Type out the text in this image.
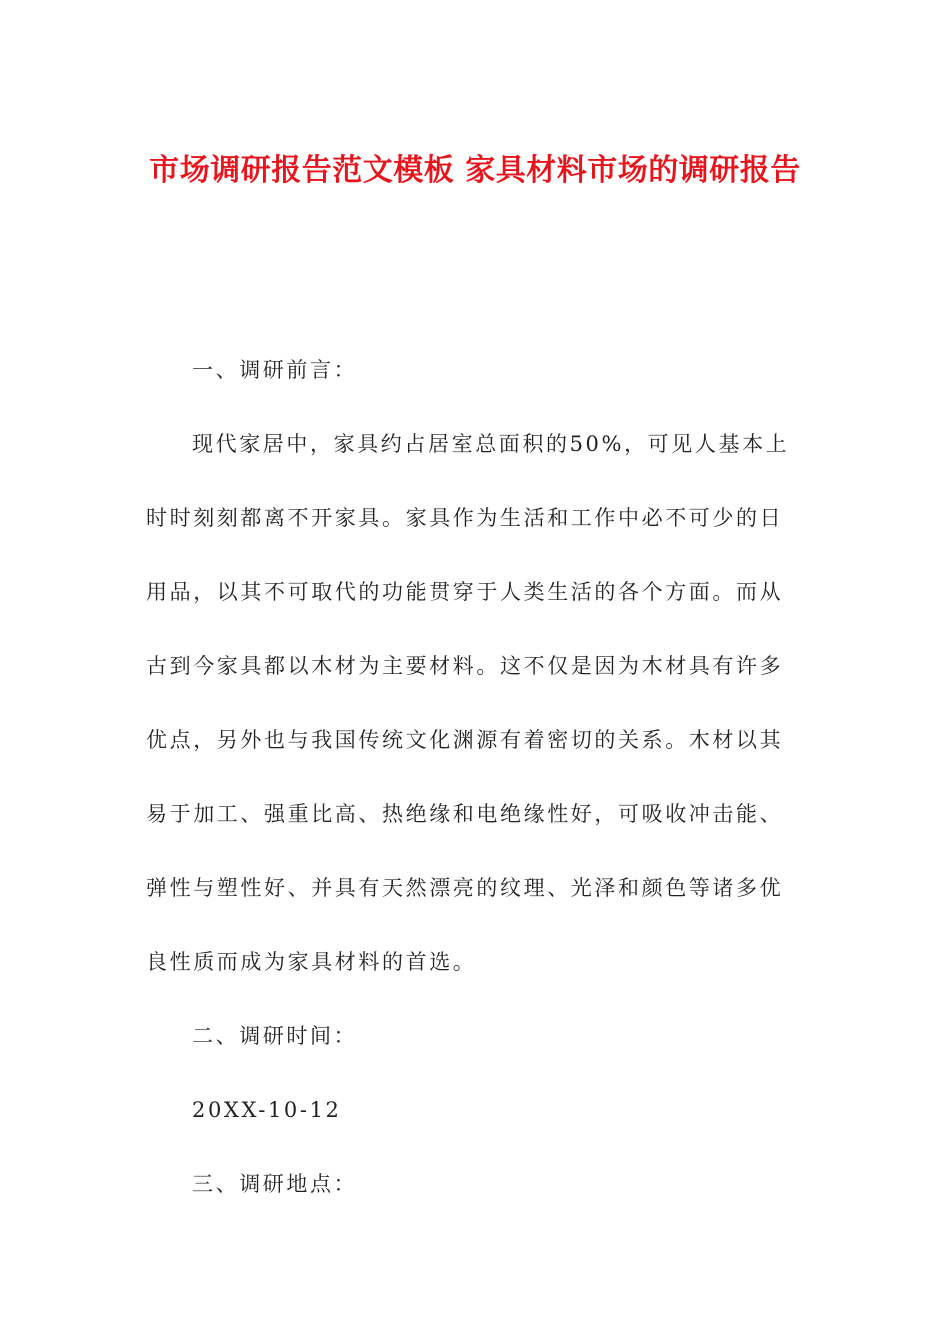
市场调研报告范文模板 家具材料市场的调研报告

一、调研前言：

现代家居中，家具约占居室总面积的50%，可见人基本上时时刻刻都离不开家具。家具作为生活和工作中必不可少的日用品，以其不可取代的功能贯穿于人类生活的各个方面。而从古到今家具都以木材为主要材料。这不仅是因为木材具有许多优点，另外也与我国传统文化渊源有着密切的关系。木材以其易于加工、强重比高、热绝缘和电绝缘性好，可吸收冲击能、弹性与塑性好、并具有天然漂亮的纹理、光泽和颜色等诸多优良性质而成为家具材料的首选。

二、调研时间：

20XX-10-12

三、调研地点：
